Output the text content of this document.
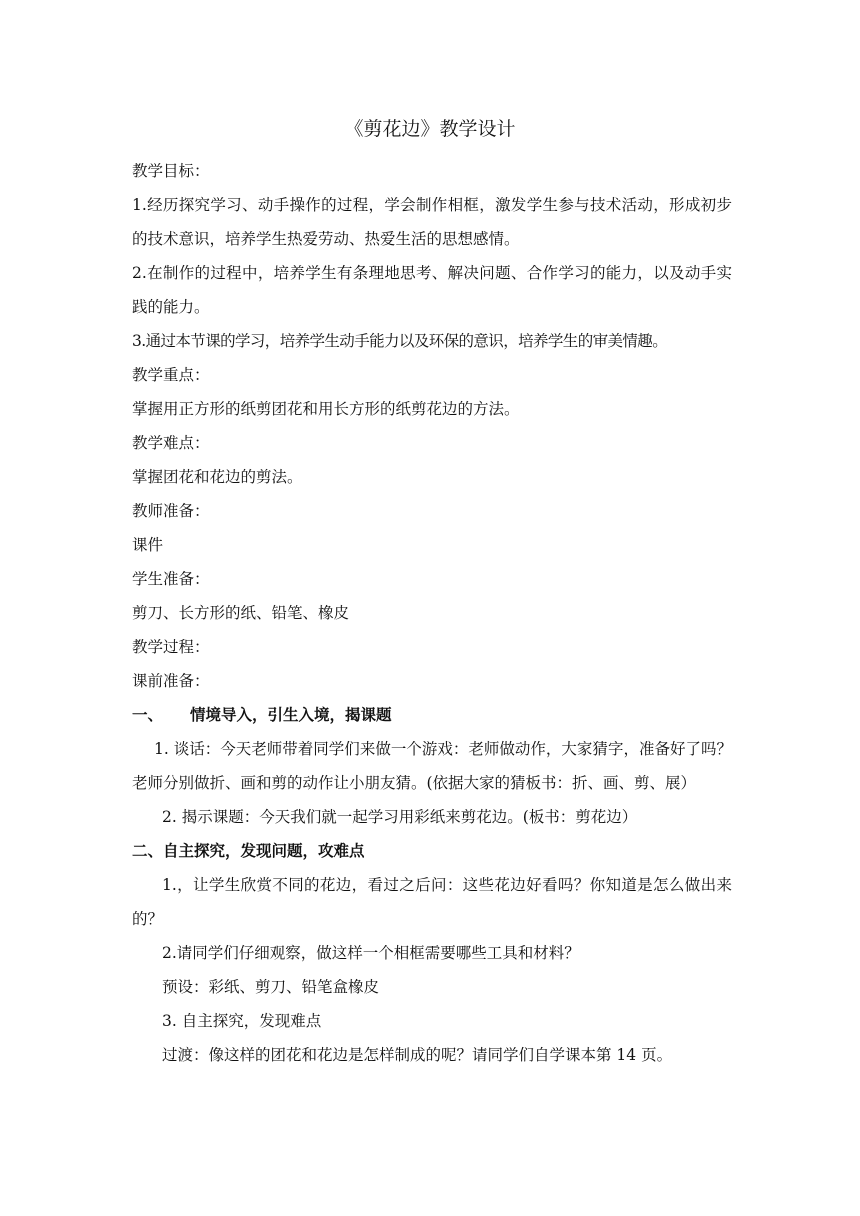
《剪花边》教学设计

教学目标：

1.经历探究学习、动手操作的过程，学会制作相框，激发学生参与技术活动，形成初步的技术意识，培养学生热爱劳动、热爱生活的思想感情。

2.在制作的过程中，培养学生有条理地思考、解决问题、合作学习的能力，以及动手实践的能力。

3.通过本节课的学习，培养学生动手能力以及环保的意识，培养学生的审美情趣。

教学重点：

掌握用正方形的纸剪团花和用长方形的纸剪花边的方法。

教学难点：

掌握团花和花边的剪法。

教师准备：

课件

学生准备：

剪刀、长方形的纸、铅笔、橡皮

教学过程：

课前准备：

一、 情境导入，引生入境，揭课题

1. 谈话：今天老师带着同学们来做一个游戏：老师做动作，大家猜字，准备好了吗？老师分别做折、画和剪的动作让小朋友猜。(依据大家的猜板书：折、画、剪、展）

2. 揭示课题：今天我们就一起学习用彩纸来剪花边。(板书：剪花边）

二、自主探究，发现问题，攻难点

1.，让学生欣赏不同的花边，看过之后问：这些花边好看吗？你知道是怎么做出来的？

2.请同学们仔细观察，做这样一个相框需要哪些工具和材料？

预设：彩纸、剪刀、铅笔盒橡皮

3. 自主探究，发现难点

过渡：像这样的团花和花边是怎样制成的呢？请同学们自学课本第 14 页。
